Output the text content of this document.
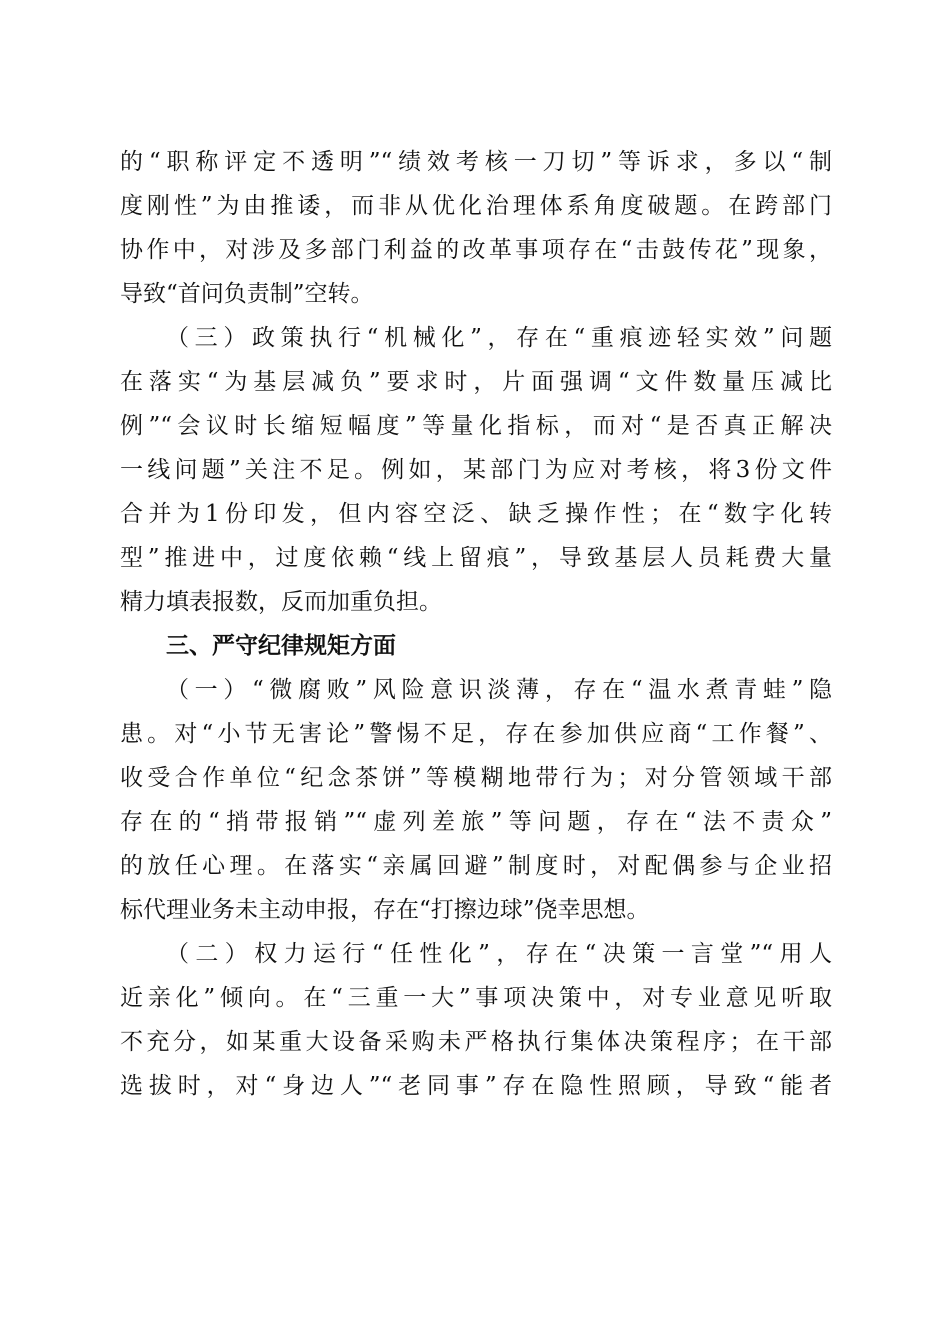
的“职称评定不透明”“绩效考核一刀切”等诉求，多以“制
度刚性”为由推诿，而非从优化治理体系角度破题。在跨部门
协作中，对涉及多部门利益的改革事项存在“击鼓传花”现象，
导致“首问负责制”空转。
（三）政策执行“机械化”，存在“重痕迹轻实效”问题
在落实“为基层减负”要求时，片面强调“文件数量压减比
例”“会议时长缩短幅度”等量化指标，而对“是否真正解决
一线问题”关注不足。例如，某部门为应对考核，将3份文件
合并为1份印发，但内容空泛、缺乏操作性；在“数字化转
型”推进中，过度依赖“线上留痕”，导致基层人员耗费大量
精力填表报数，反而加重负担。
三、严守纪律规矩方面
（一）“微腐败”风险意识淡薄，存在“温水煮青蛙”隐
患。对“小节无害论”警惕不足，存在参加供应商“工作餐”、
收受合作单位“纪念茶饼”等模糊地带行为；对分管领域干部
存在的“捎带报销”“虚列差旅”等问题，存在“法不责众”
的放任心理。在落实“亲属回避”制度时，对配偶参与企业招
标代理业务未主动申报，存在“打擦边球”侥幸思想。
（二）权力运行“任性化”，存在“决策一言堂”“用人
近亲化”倾向。在“三重一大”事项决策中，对专业意见听取
不充分，如某重大设备采购未严格执行集体决策程序；在干部
选拔时，对“身边人”“老同事”存在隐性照顾，导致“能者
